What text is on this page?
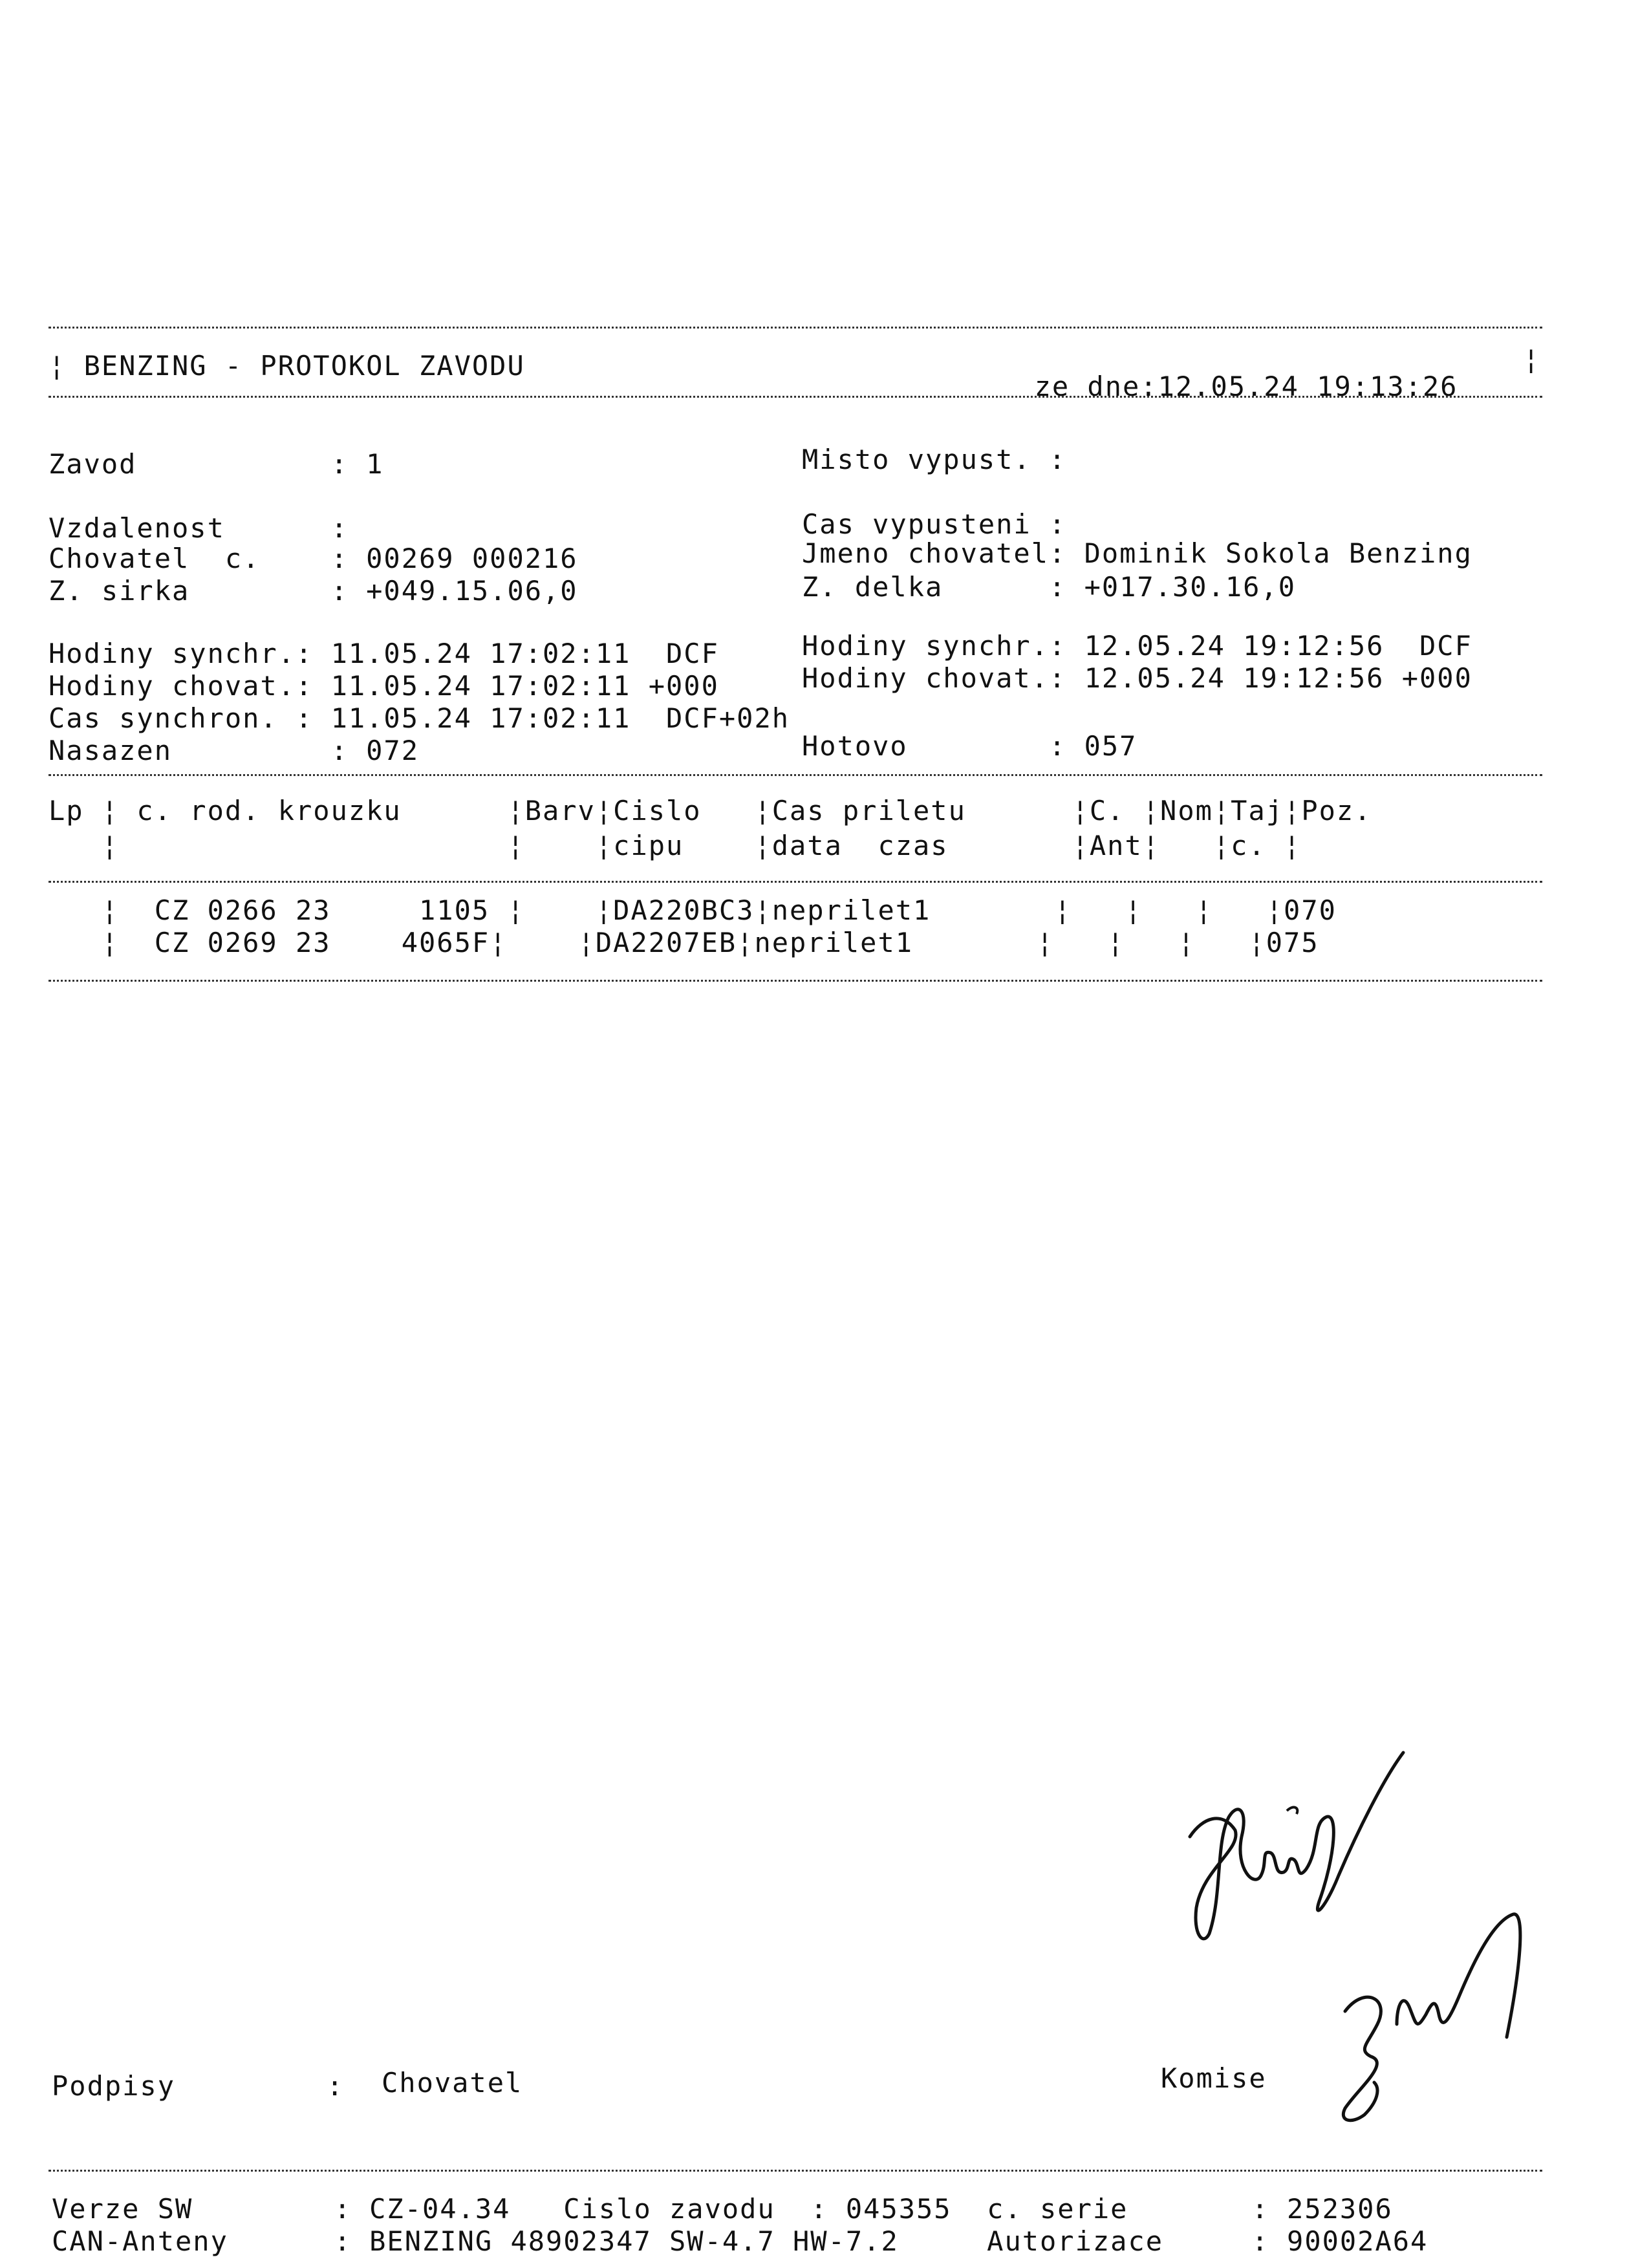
¦ BENZING - PROTOKOL ZAVODU

ze dne:12.05.24 19:13:26

¦
Zavod           : 1
Vzdalenost      :
Chovatel  c.    : 00269 000216
Z. sirka        : +049.15.06,0
Misto vypust. :
Cas vypusteni :
Jmeno chovatel: Dominik Sokola Benzing
Z. delka      : +017.30.16,0
Hodiny synchr.: 11.05.24 17:02:11  DCF
Hodiny chovat.: 11.05.24 17:02:11 +000
Cas synchron. : 11.05.24 17:02:11  DCF+02h
Nasazen         : 072
Hodiny synchr.: 12.05.24 19:12:56  DCF
Hodiny chovat.: 12.05.24 19:12:56 +000
Hotovo        : 057
Lp ¦ c. rod. krouzku      ¦Barv¦Cislo   ¦Cas priletu      ¦C. ¦Nom¦Taj¦Poz.
¦                      ¦    ¦cipu    ¦data  czas       ¦Ant¦   ¦c. ¦
¦  CZ 0266 23     1105 ¦    ¦DA220BC3¦neprilet1       ¦   ¦   ¦   ¦070
¦  CZ 0269 23    4065F¦    ¦DA2207EB¦neprilet1       ¦   ¦   ¦   ¦075
Podpisy	: Chovatel	Komise
Verze SW        : CZ-04.34   Cislo zavodu  : 045355  c. serie       : 252306
CAN-Anteny      : BENZING 48902347 SW-4.7 HW-7.2     Autorizace     : 90002A64
